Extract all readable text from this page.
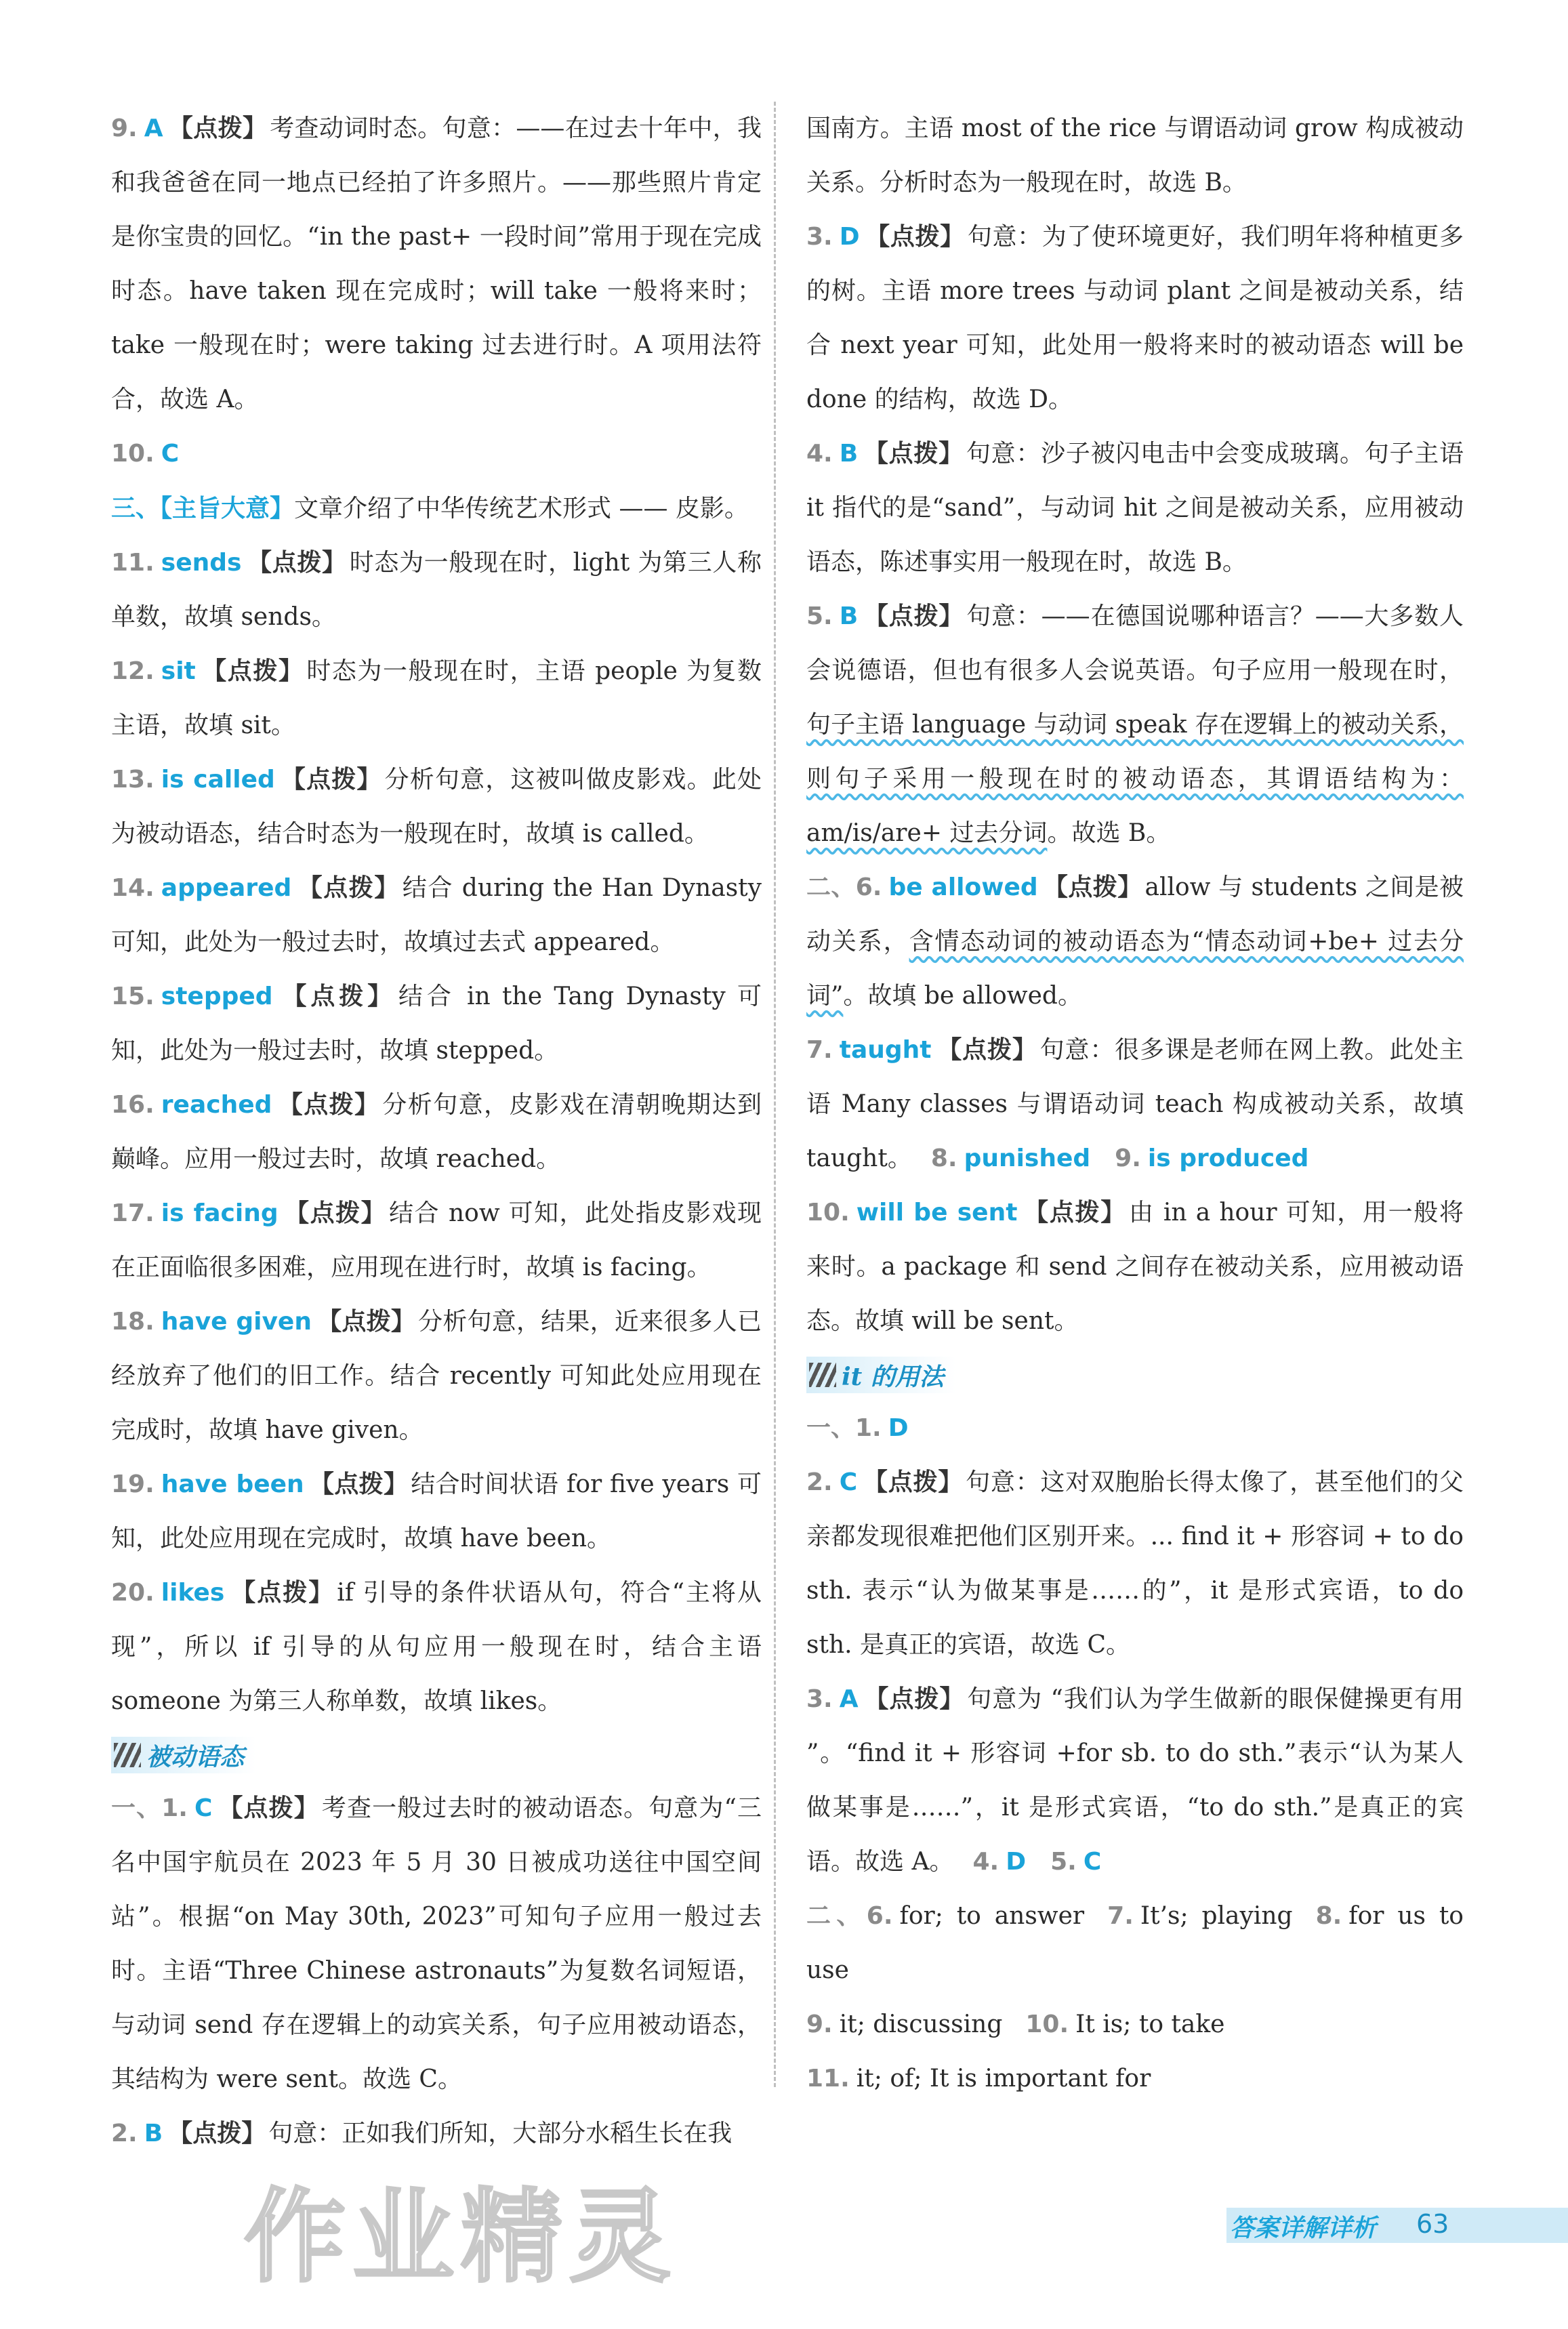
9. A 【点拨】 考查动词时态。句意：——在过去十年中，我和我爸爸在同一地点已经拍了许多照片。——那些照片肯定是你宝贵的回忆。“in the past+ 一段时间”常用于现在完成时态。have taken 现在完成时；will take 一般将来时；take 一般现在时；were taking 过去进行时。A 项用法符合，故选 A。

10. C

三、【主旨大意】文章介绍了中华传统艺术形式 —— 皮影。

11. sends 【点拨】 时态为一般现在时，light 为第三人称单数，故填 sends。

12. sit 【点拨】 时态为一般现在时，主语 people 为复数主语，故填 sit。

13. is called 【点拨】 分析句意，这被叫做皮影戏。此处为被动语态，结合时态为一般现在时，故填 is called。

14. appeared 【点拨】 结合 during the Han Dynasty 可知，此处为一般过去时，故填过去式 appeared。

15. stepped 【点拨】 结合 in the Tang Dynasty 可知，此处为一般过去时，故填 stepped。

16. reached 【点拨】 分析句意，皮影戏在清朝晚期达到巅峰。应用一般过去时，故填 reached。

17. is facing 【点拨】 结合 now 可知，此处指皮影戏现在正面临很多困难，应用现在进行时，故填 is facing。

18. have given 【点拨】 分析句意，结果，近来很多人已经放弃了他们的旧工作。结合 recently 可知此处应用现在完成时，故填 have given。

19. have been 【点拨】 结合时间状语 for five years 可知，此处应用现在完成时，故填 have been。

20. likes 【点拨】 if 引导的条件状语从句，符合“主将从现”，所以 if 引导的从句应用一般现在时，结合主语 someone 为第三人称单数，故填 likes。

被动语态

一、1. C 【点拨】 考查一般过去时的被动语态。句意为“三名中国宇航员在 2023 年 5 月 30 日被成功送往中国空间站”。根据“on May 30th, 2023”可知句子应用一般过去时。主语“Three Chinese astronauts”为复数名词短语，与动词 send 存在逻辑上的动宾关系，句子应用被动语态，其结构为 were sent。故选 C。

2. B 【点拨】 句意：正如我们所知，大部分水稻生长在我

国南方。主语 most of the rice 与谓语动词 grow 构成被动关系。分析时态为一般现在时，故选 B。

3. D 【点拨】 句意：为了使环境更好，我们明年将种植更多的树。主语 more trees 与动词 plant 之间是被动关系，结合 next year 可知，此处用一般将来时的被动语态 will be done 的结构，故选 D。

4. B 【点拨】 句意：沙子被闪电击中会变成玻璃。句子主语 it 指代的是“sand”，与动词 hit 之间是被动关系，应用被动语态，陈述事实用一般现在时，故选 B。

5. B 【点拨】 句意：——在德国说哪种语言？——大多数人会说德语，但也有很多人会说英语。句子应用一般现在时，句子主语 language 与动词 speak 存在逻辑上的被动关系，则句子采用一般现在时的被动语态，其谓语结构为：am/is/are+ 过去分词。故选 B。

二、6. be allowed 【点拨】 allow 与 students 之间是被动关系，含情态动词的被动语态为“情态动词+be+ 过去分词”。故填 be allowed。

7. taught 【点拨】 句意：很多课是老师在网上教。此处主语 Many classes 与谓语动词 teach 构成被动关系，故填 taught。 8. punished 9. is produced

10. will be sent 【点拨】 由 in a hour 可知，用一般将来时。a package 和 send 之间存在被动关系，应用被动语态。故填 will be sent。

it 的用法

一、1. D

2. C 【点拨】 句意：这对双胞胎长得太像了，甚至他们的父亲都发现很难把他们区别开来。... find it + 形容词 + to do sth. 表示“认为做某事是……的”，it 是形式宾语，to do sth. 是真正的宾语，故选 C。

3. A 【点拨】 句意为 “我们认为学生做新的眼保健操更有用 ”。“find it + 形容词 +for sb. to do sth.”表示“认为某人做某事是……”，it 是形式宾语，“to do sth.”是真正的宾语。故选 A。 4. D 5. C

二、6. for; to answer 7. It’s; playing 8. for us to use

9. it; discussing 10. It is; to take

11. it; of; It is important for

作业精灵	答案详解详析 63
